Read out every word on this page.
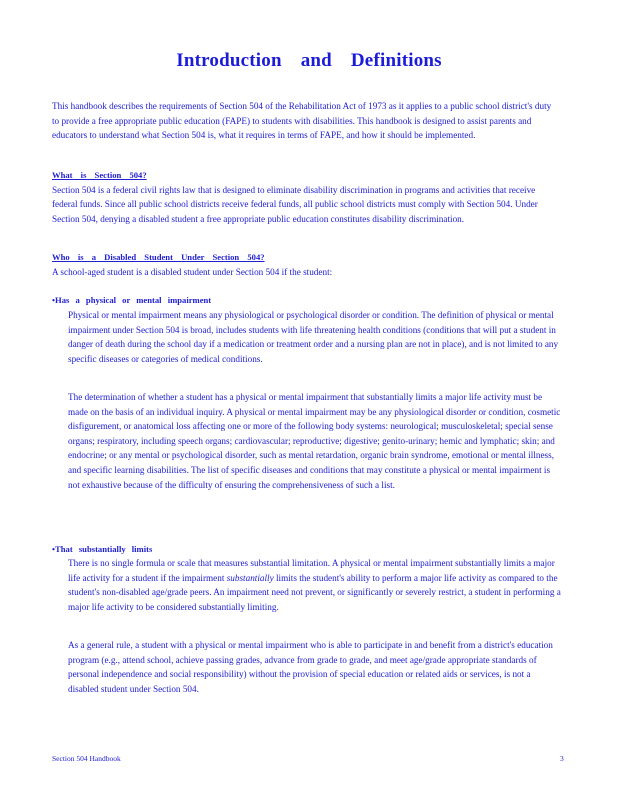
Introduction and Definitions

This handbook describes the requirements of Section 504 of the Rehabilitation Act of 1973 as it applies to a public school district's duty to provide a free appropriate public education (FAPE) to students with disabilities. This handbook is designed to assist parents and educators to understand what Section 504 is, what it requires in terms of FAPE, and how it should be implemented.

What is Section 504?

Section 504 is a federal civil rights law that is designed to eliminate disability discrimination in programs and activities that receive federal funds. Since all public school districts receive federal funds, all public school districts must comply with Section 504. Under Section 504, denying a disabled student a free appropriate public education constitutes disability discrimination.

Who is a Disabled Student Under Section 504?

A school-aged student is a disabled student under Section 504 if the student:

•Has a physical or mental impairment

Physical or mental impairment means any physiological or psychological disorder or condition. The definition of physical or mental impairment under Section 504 is broad, includes students with life threatening health conditions (conditions that will put a student in danger of death during the school day if a medication or treatment order and a nursing plan are not in place), and is not limited to any specific diseases or categories of medical conditions.

The determination of whether a student has a physical or mental impairment that substantially limits a major life activity must be made on the basis of an individual inquiry. A physical or mental impairment may be any physiological disorder or condition, cosmetic disfigurement, or anatomical loss affecting one or more of the following body systems: neurological; musculoskeletal; special sense organs; respiratory, including speech organs; cardiovascular; reproductive; digestive; genito-urinary; hemic and lymphatic; skin; and endocrine; or any mental or psychological disorder, such as mental retardation, organic brain syndrome, emotional or mental illness, and specific learning disabilities. The list of specific diseases and conditions that may constitute a physical or mental impairment is not exhaustive because of the difficulty of ensuring the comprehensiveness of such a list.

•That substantially limits

There is no single formula or scale that measures substantial limitation. A physical or mental impairment substantially limits a major life activity for a student if the impairment substantially limits the student's ability to perform a major life activity as compared to the student's non-disabled age/grade peers. An impairment need not prevent, or significantly or severely restrict, a student in performing a major life activity to be considered substantially limiting.

As a general rule, a student with a physical or mental impairment who is able to participate in and benefit from a district's education program (e.g., attend school, achieve passing grades, advance from grade to grade, and meet age/grade appropriate standards of personal independence and social responsibility) without the provision of special education or related aids or services, is not a disabled student under Section 504.

Section 504 Handbook	3
